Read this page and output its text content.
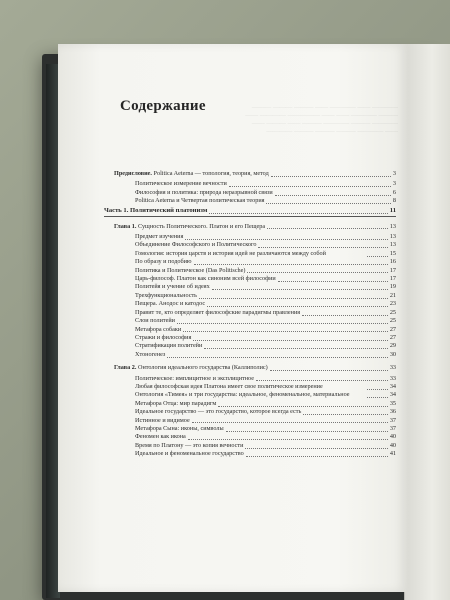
———— —— ———— —— ——— ——— ———
——— ———— —— —— ————— ———— ——
———— ——— ———— ——— —— ——— ——
—— ———— ——— ——— ——— ————
Содержание
Предисловие. Politica Aeterna — топология, теория, метод	3
Политическое измерение вечности	3
Философия и политика: природа неразрывной связи	6
Politica Aeterna и Четвертая политическая теория	8
Часть 1. Политический платонизм	11
Глава 1. Сущность Политического. Платон и его Пещера	13
Предмет изучения	13
Объединение Философского и Политического	13
Гомология: история царств и история идей не различаются между собой	15
По образу и подобию	16
Политика и Политическое (Das Politische)	17
Царь-философ. Платон как синоним всей философии	17
Политейя и учение об идеях	19
Трехфункциональность	21
Пещера. Анодос и катодос	23
Правит те, кто определяет философские парадигмы правления	25
Слои политейи	25
Метафора собаки	27
Стражи и философия	27
Стратификация политейи	29
Хтоногенез	30
Глава 2. Онтология идеального государства (Каллиполис)	33
Политическое: имплицитное и эксплицитное	33
Любая философская идея Платона имеет свое политическое измерение	34
Онтология «Тимея» и три государства: идеальное, феноменальное, материальное	34
Метафора Отца: мир парадигм	35
Идеальное государство — это государство, которое всегда есть	36
Истинное и видимое	37
Метафора Сына: иконы, симвoлы	37
Феномен как икона	40
Время по Платону — это копия вечности	40
Идеальное и феноменальное государство	41
